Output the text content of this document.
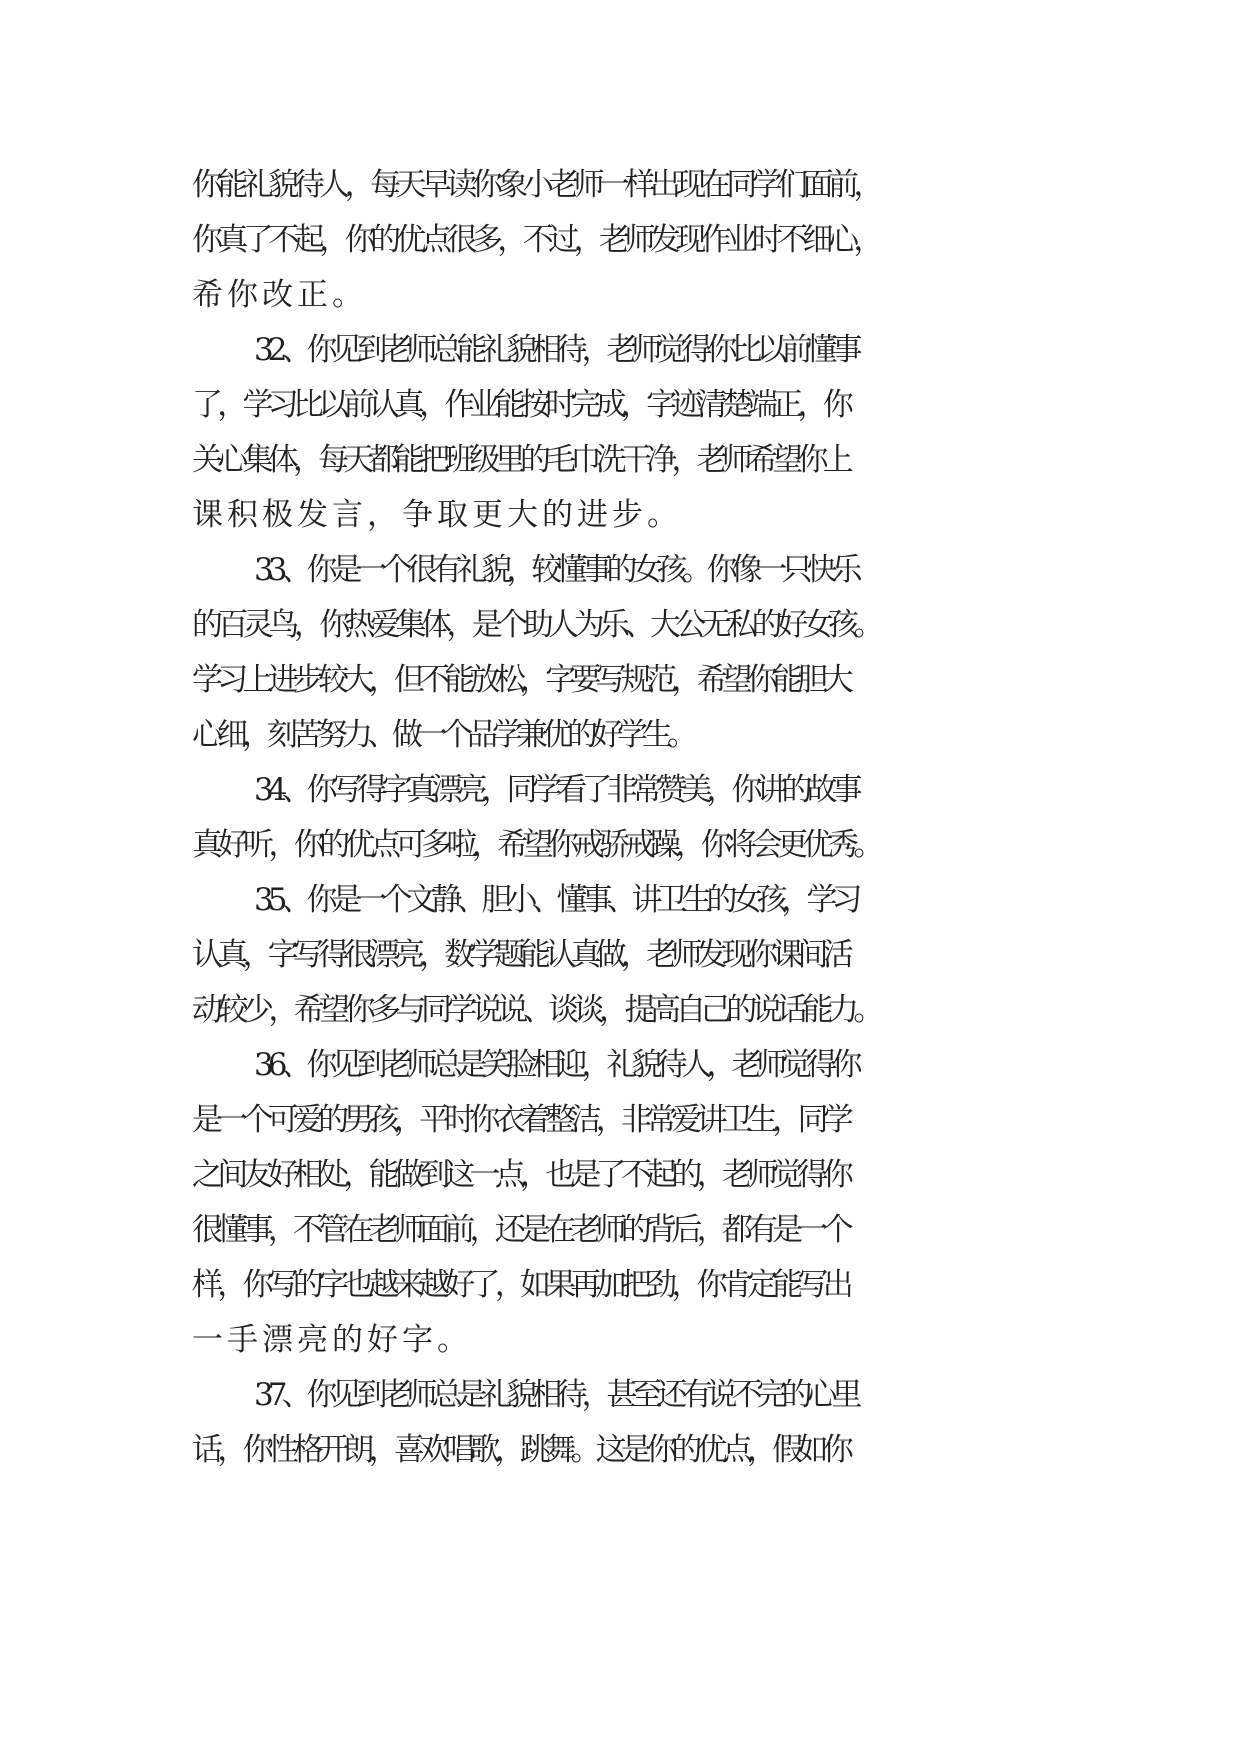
你能礼貌待人，每天早读你象小老师一样出现在同学们面前，
你真了不起，你的优点很多，不过，老师发现作业时不细心，
希你改正。
32、你见到老师总能礼貌相待，老师觉得你比以前懂事
了，学习比以前认真，作业能按时完成，字迹清楚端正，你
关心集体，每天都能把班级里的毛巾洗干净，老师希望你上
课积极发言，争取更大的进步。
33、你是一个很有礼貌，较懂事的女孩。你像一只快乐
的百灵鸟，你热爱集体，是个助人为乐、大公无私的好女孩。
学习上进步较大，但不能放松，字要写规范，希望你能胆大
心细，刻苦努力、做一个品学兼优的好学生。
34、你写得字真漂亮，同学看了非常赞美，你讲的故事
真好听，你的优点可多啦，希望你戒骄戒躁，你将会更优秀。
35、你是一个文静、胆小、懂事、讲卫生的女孩，学习
认真，字写得很漂亮，数学题能认真做，老师发现你课间活
动较少，希望你多与同学说说、谈谈，提高自己的说话能力。
36、你见到老师总是笑脸相迎，礼貌待人，老师觉得你
是一个可爱的男孩，平时你衣着整洁，非常爱讲卫生，同学
之间友好相处，能做到这一点，也是了不起的，老师觉得你
很懂事，不管在老师面前，还是在老师的背后，都有是一个
样，你写的字也越来越好了，如果再加把劲，你肯定能写出
一手漂亮的好字。
37、你见到老师总是礼貌相待，甚至还有说不完的心里
话，你性格开朗，喜欢唱歌，跳舞。这是你的优点，假如你
